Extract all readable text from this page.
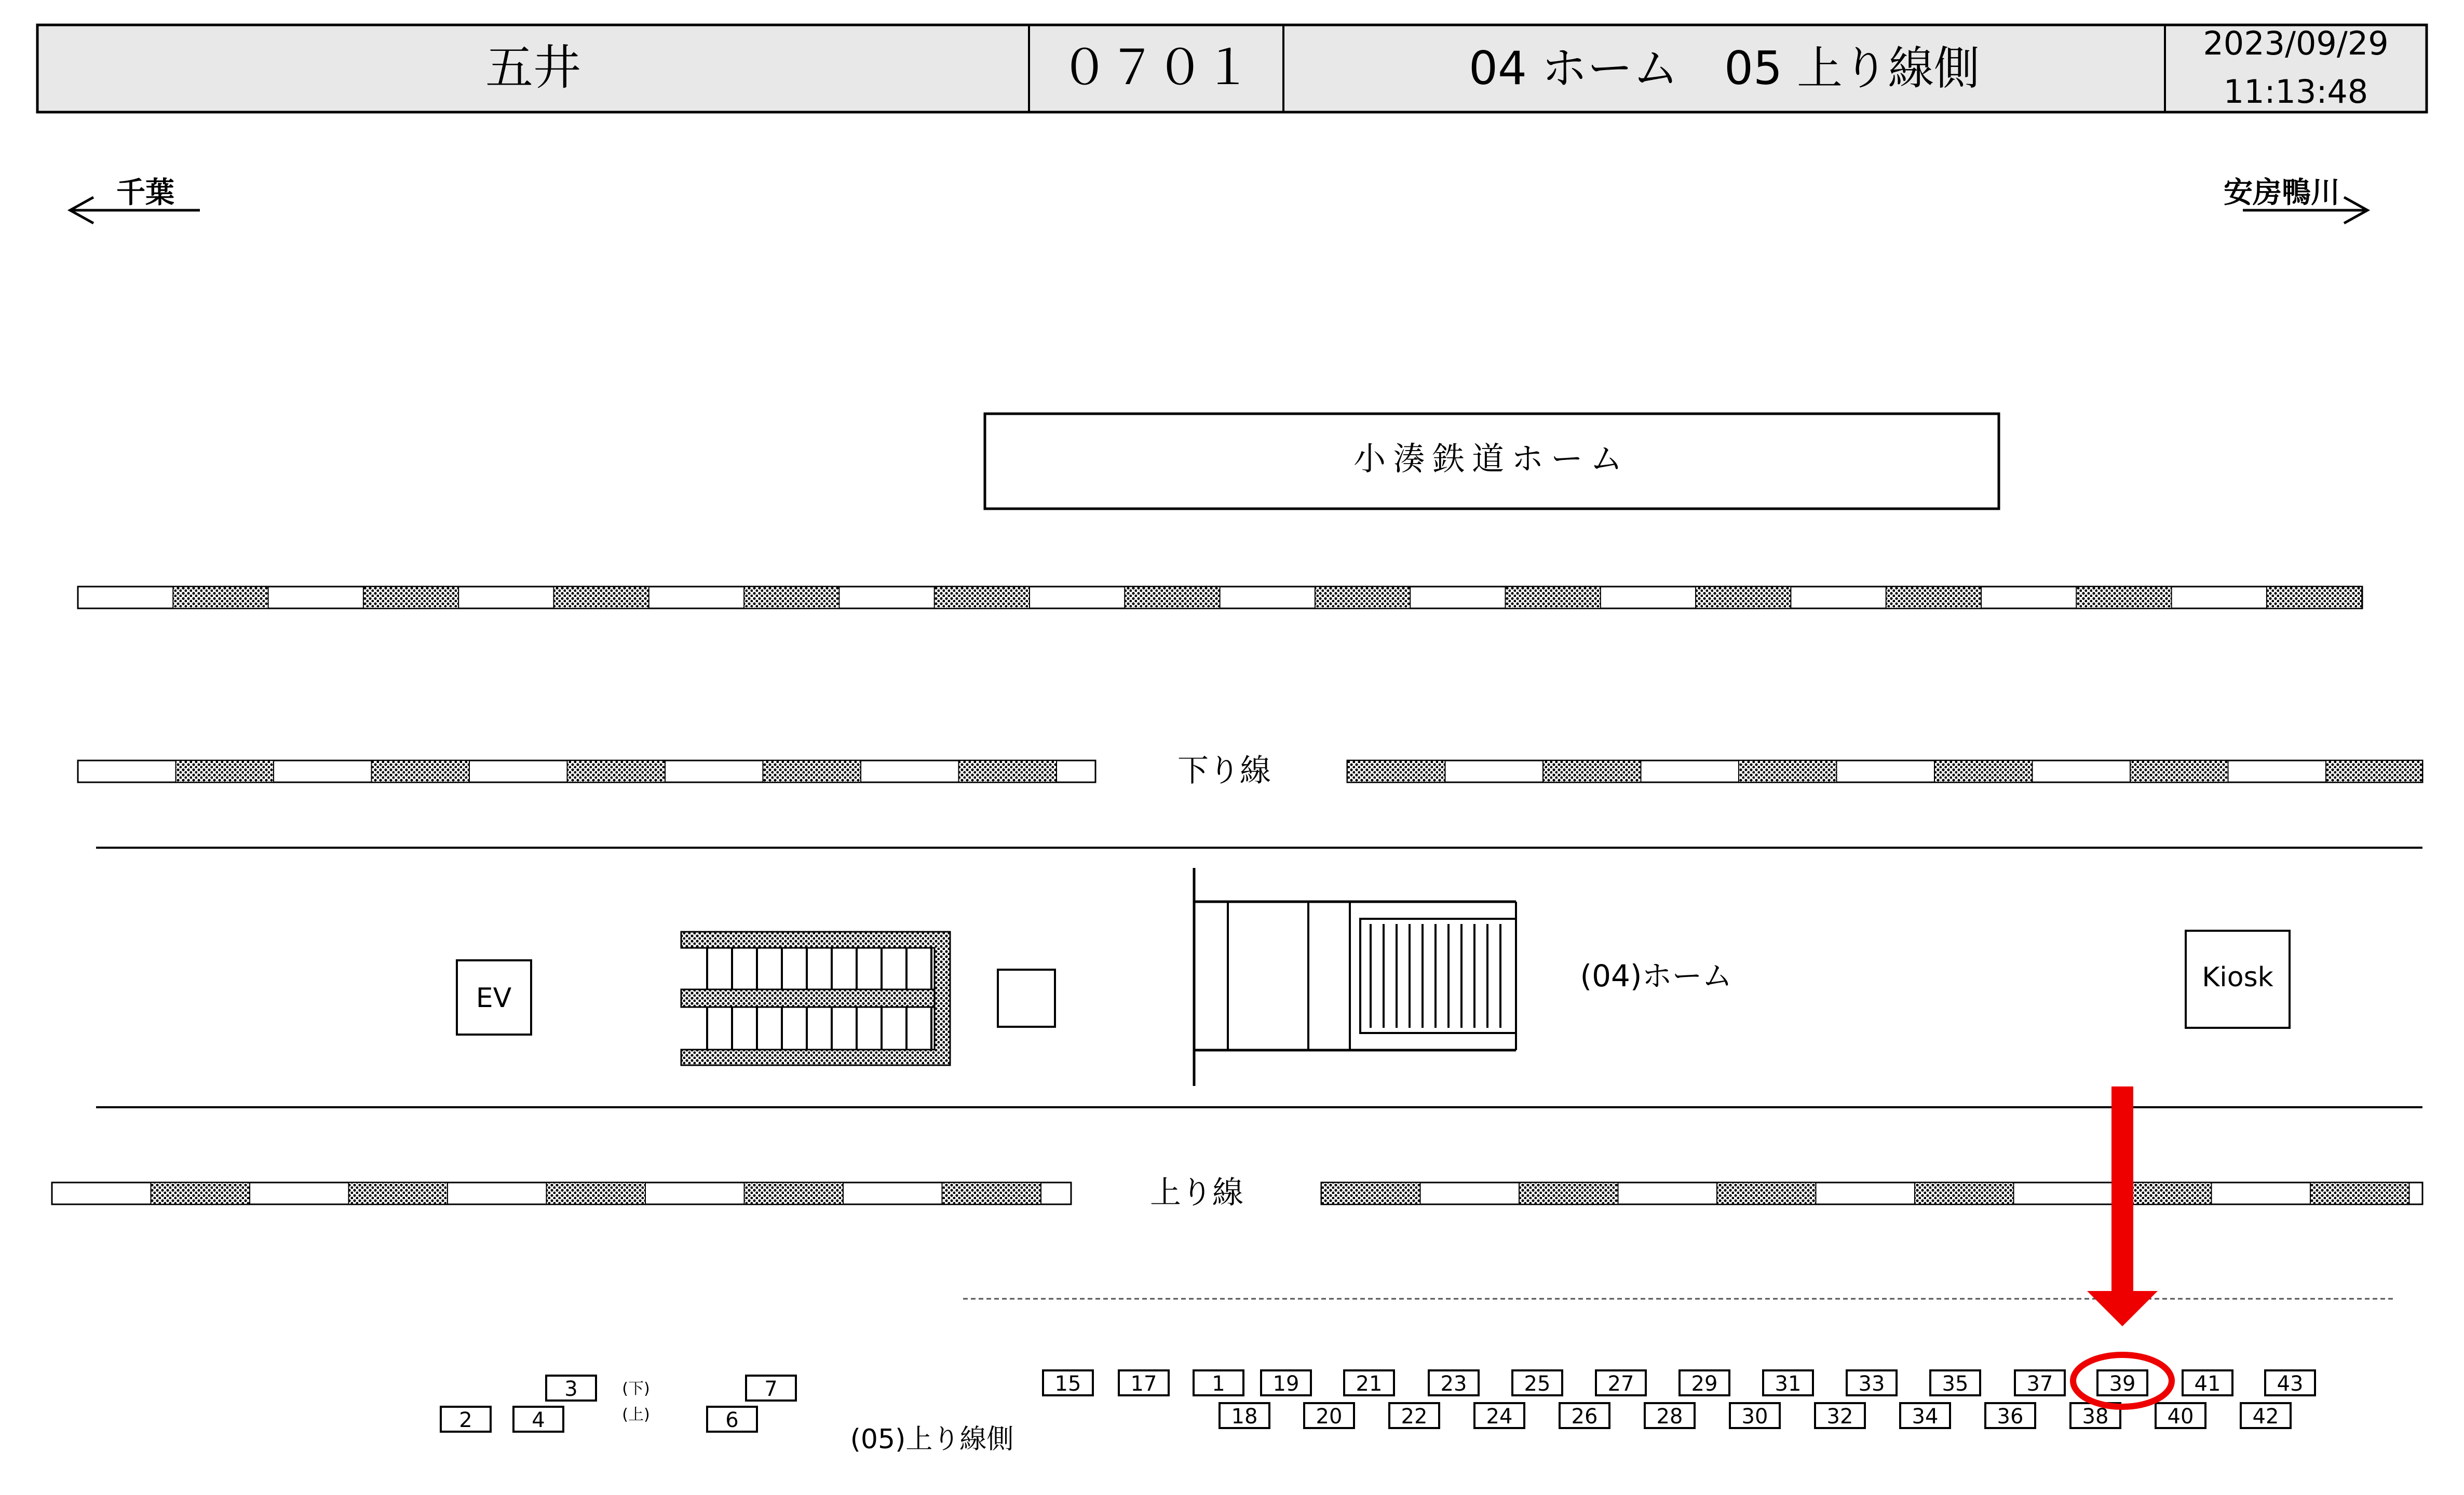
五井	０７０１	04 ホーム　05 上り線側	2023/09/29
11:13:48
千葉	安房鴨川
小湊鉄道ホーム
下り線
上り線
EV
(04)ホーム	Kiosk
3	7
2	4	6
15 17	1 19	21	23	25	27	29	31	33	35	37	39	41	43
18	20	22	24	26	28	30	32	34	36	38	40	42
(下)
(上)
(05)上り線側
